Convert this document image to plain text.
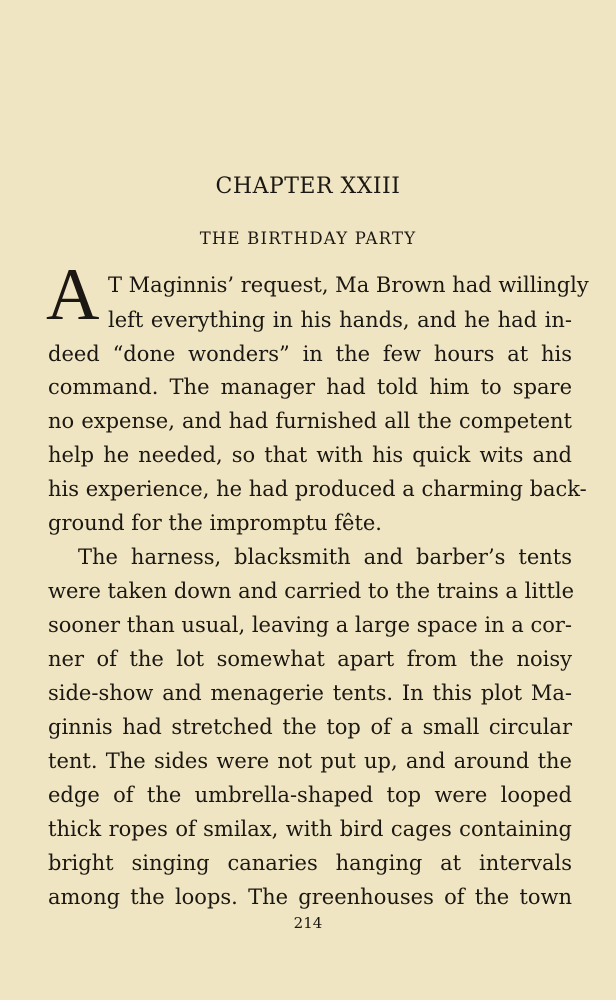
CHAPTER XXIII
THE BIRTHDAY PARTY
A T Maginnis’ request, Ma Brown had willingly
left everything in his hands, and he had in-
deed “done wonders” in the few hours at his
command. The manager had told him to spare
no expense, and had furnished all the competent
help he needed, so that with his quick wits and
his experience, he had produced a charming back-
ground for the impromptu fête.
The harness, blacksmith and barber’s tents
were taken down and carried to the trains a little
sooner than usual, leaving a large space in a cor-
ner of the lot somewhat apart from the noisy
side-show and menagerie tents. In this plot Ma-
ginnis had stretched the top of a small circular
tent. The sides were not put up, and around the
edge of the umbrella-shaped top were looped
thick ropes of smilax, with bird cages containing
bright singing canaries hanging at intervals
among the loops. The greenhouses of the town
214
